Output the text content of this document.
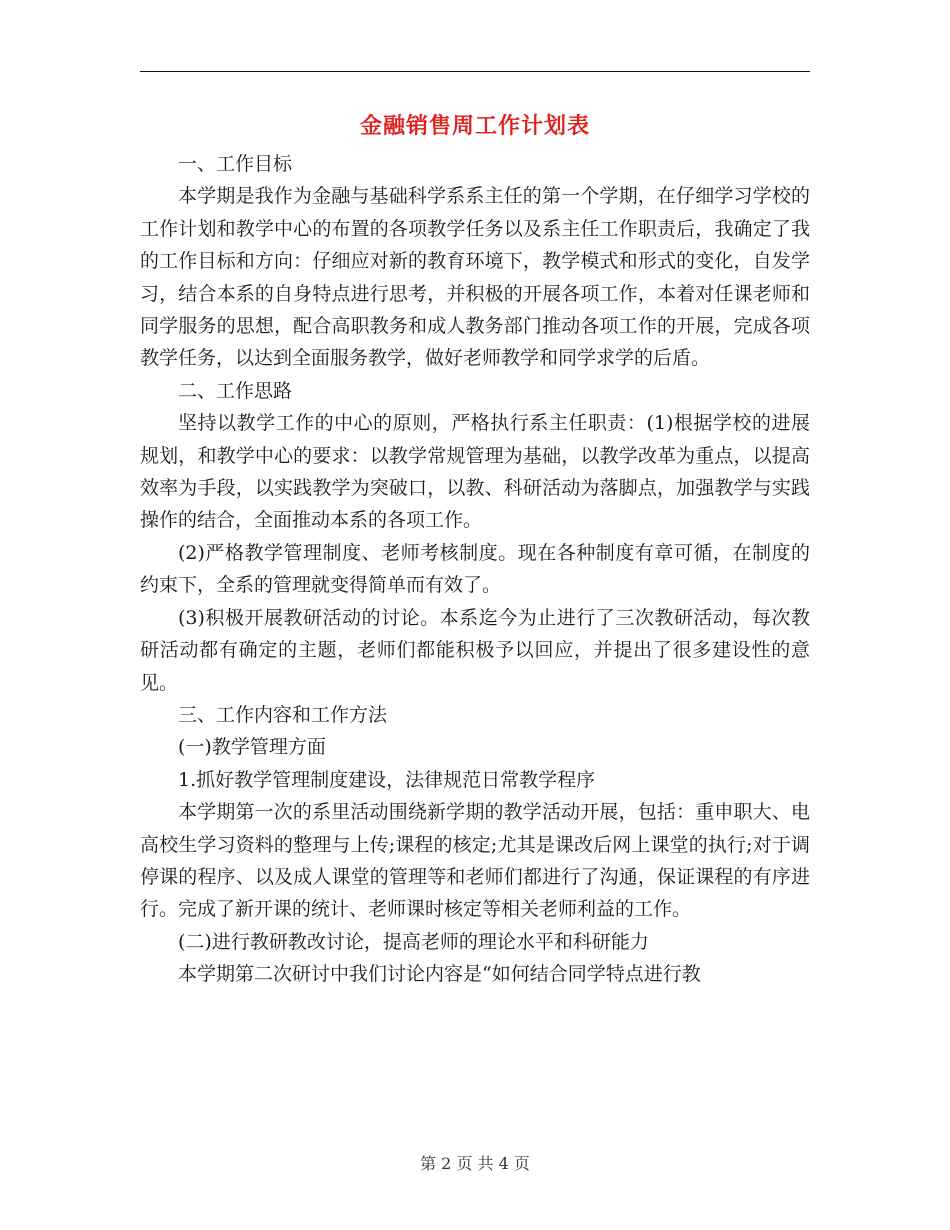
金融销售周工作计划表

一、工作目标

本学期是我作为金融与基础科学系系主任的第一个学期，在仔细学习学校的工作计划和教学中心的布置的各项教学任务以及系主任工作职责后，我确定了我的工作目标和方向：仔细应对新的教育环境下，教学模式和形式的变化，自发学习，结合本系的自身特点进行思考，并积极的开展各项工作，本着对任课老师和同学服务的思想，配合高职教务和成人教务部门推动各项工作的开展，完成各项教学任务，以达到全面服务教学，做好老师教学和同学求学的后盾。

二、工作思路

坚持以教学工作的中心的原则，严格执行系主任职责：(1)根据学校的进展规划，和教学中心的要求：以教学常规管理为基础，以教学改革为重点，以提高效率为手段，以实践教学为突破口，以教、科研活动为落脚点，加强教学与实践操作的结合，全面推动本系的各项工作。

(2)严格教学管理制度、老师考核制度。现在各种制度有章可循，在制度的约束下，全系的管理就变得简单而有效了。

(3)积极开展教研活动的讨论。本系迄今为止进行了三次教研活动，每次教研活动都有确定的主题，老师们都能积极予以回应，并提出了很多建设性的意见。

三、工作内容和工作方法

(一)教学管理方面

1.抓好教学管理制度建设，法律规范日常教学程序

本学期第一次的系里活动围绕新学期的教学活动开展，包括：重申职大、电高校生学习资料的整理与上传;课程的核定;尤其是课改后网上课堂的执行;对于调停课的程序、以及成人课堂的管理等和老师们都进行了沟通，保证课程的有序进行。完成了新开课的统计、老师课时核定等相关老师利益的工作。

(二)进行教研教改讨论，提高老师的理论水平和科研能力

本学期第二次研讨中我们讨论内容是“如何结合同学特点进行教

第 2 页 共 4 页
